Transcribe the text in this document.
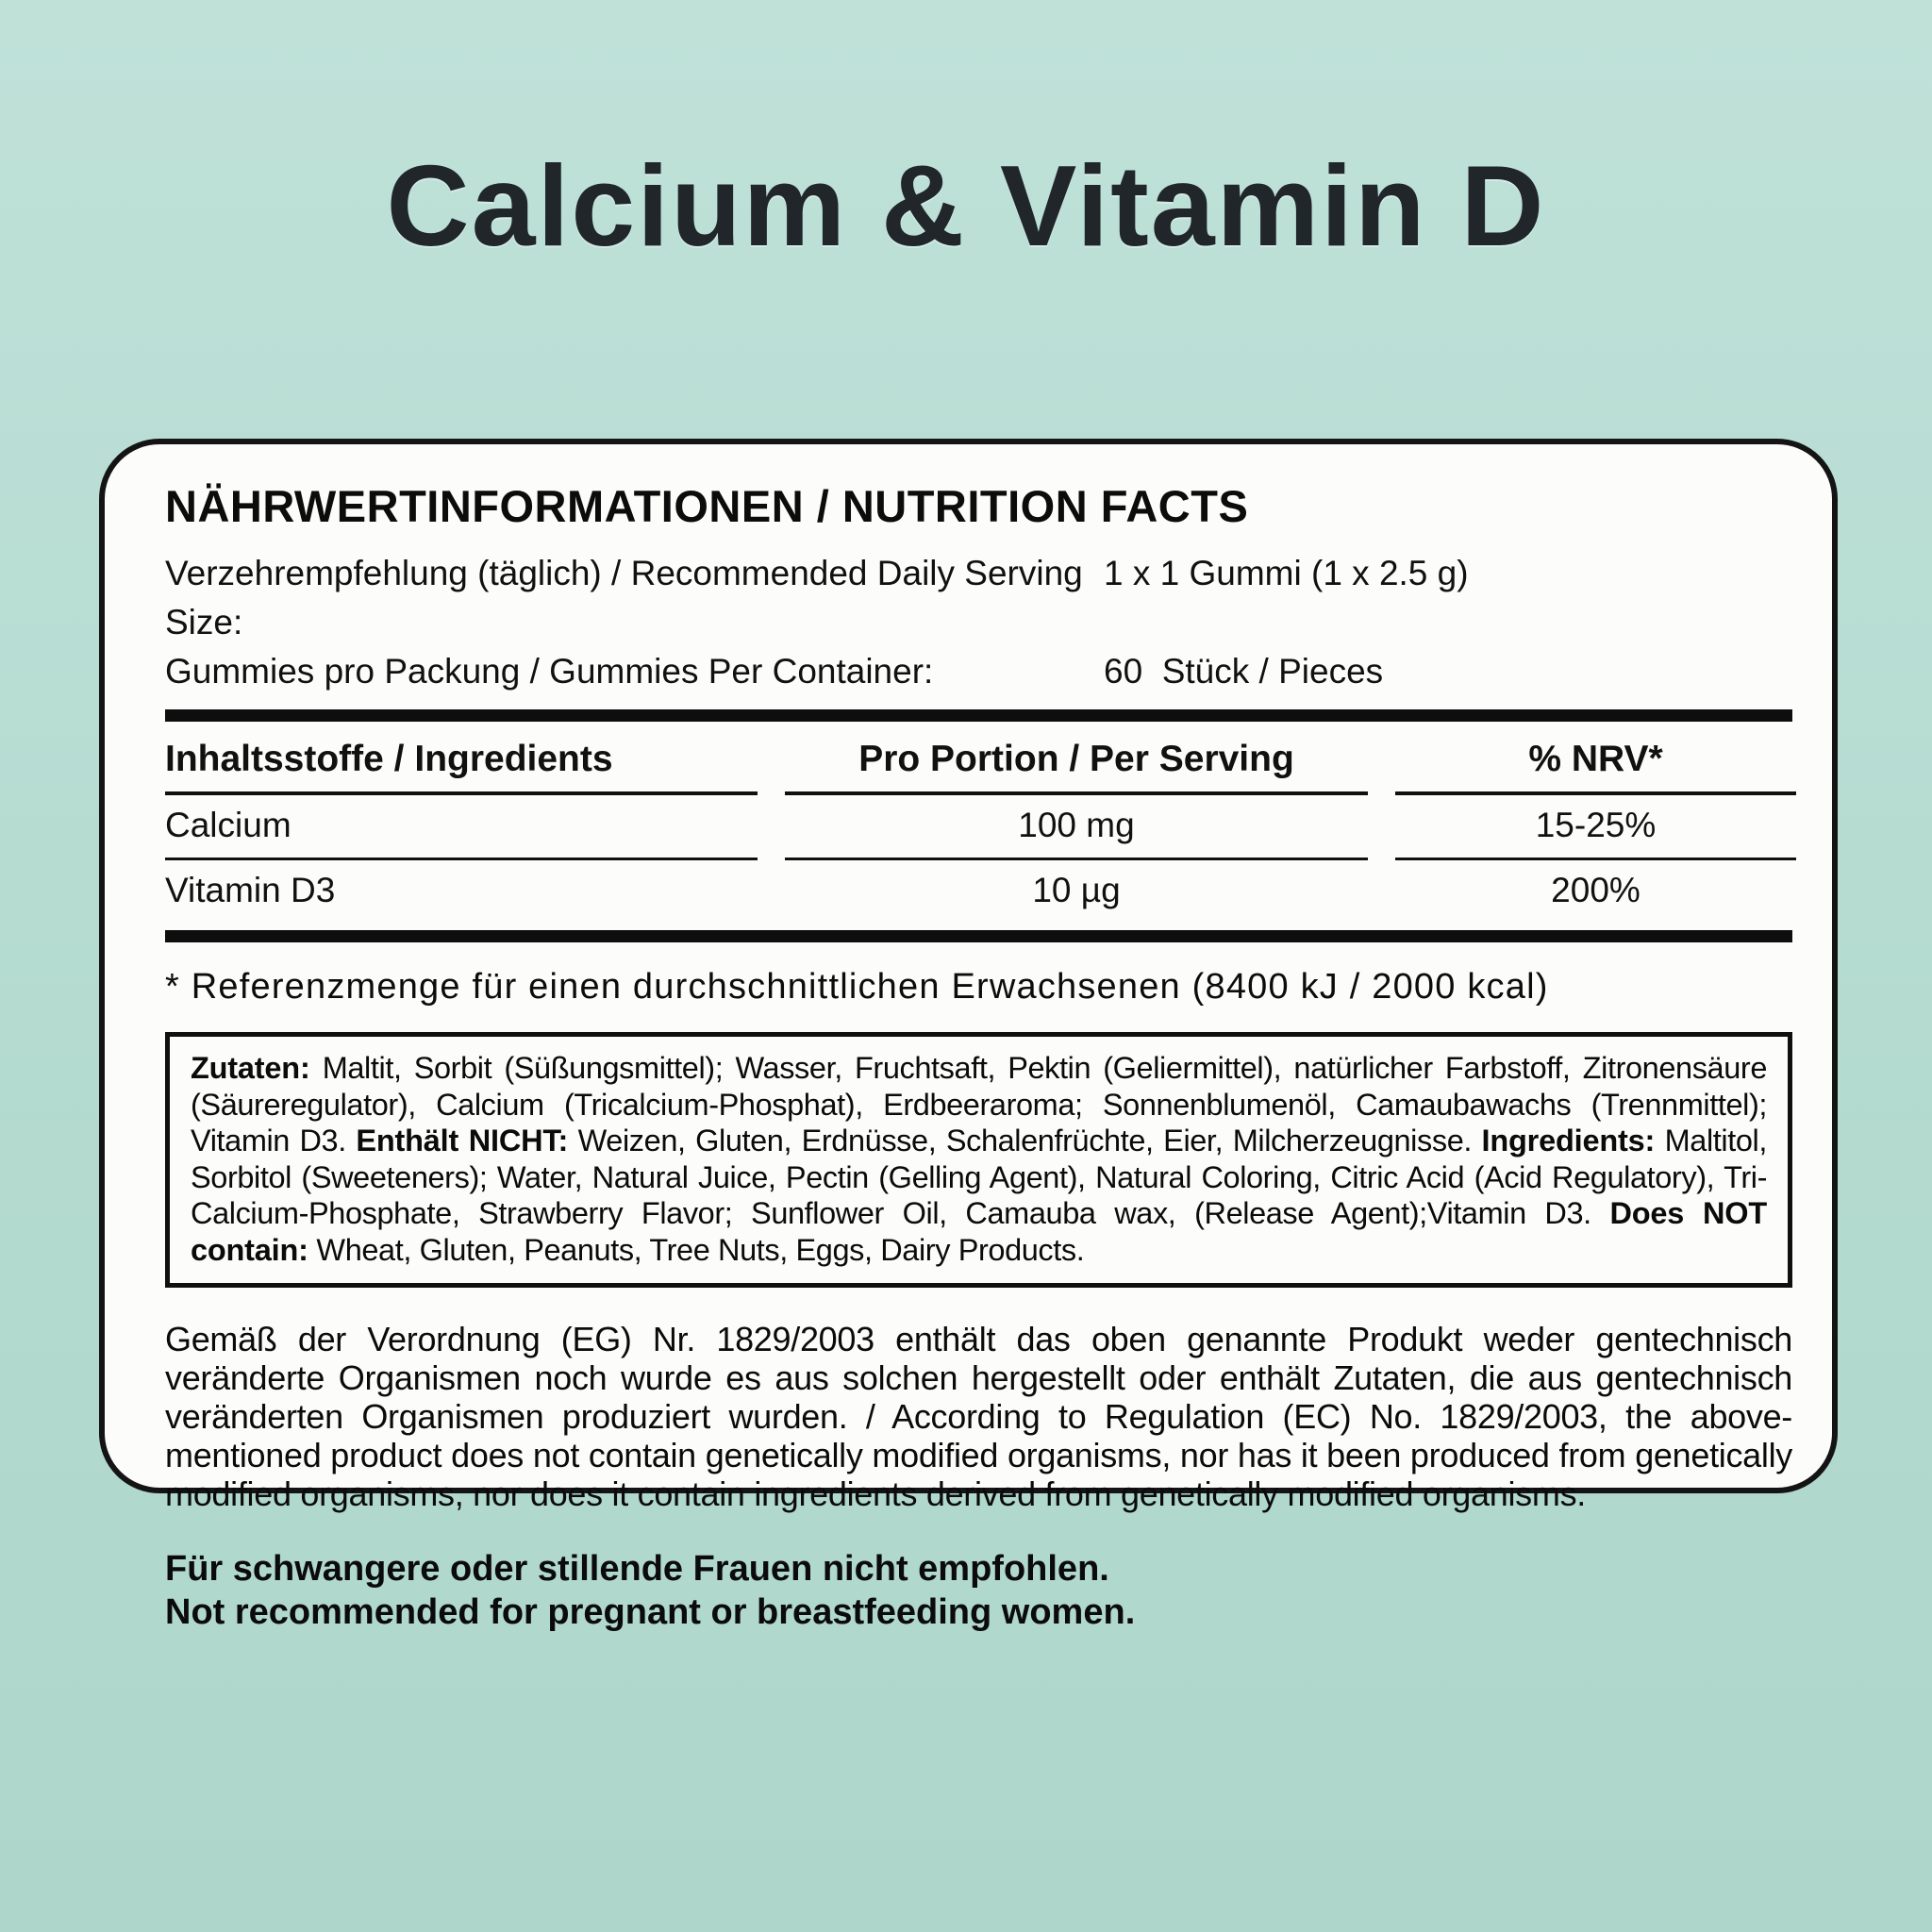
Calcium & Vitamin D
NÄHRWERTINFORMATIONEN / NUTRITION FACTS
Verzehrempfehlung (täglich) / Recommended Daily Serving Size:
1 x 1 Gummi (1 x 2.5 g)
Gummies pro Packung / Gummies Per Container:	60  Stück / Pieces
Inhaltsstoffe / Ingredients	Pro Portion / Per Serving	% NRV*
Calcium	100 mg	15-25%
Vitamin D3	10 µg	200%

* Referenzmenge für einen durchschnittlichen Erwachsenen (8400 kJ / 2000 kcal)

Zutaten: Maltit, Sorbit (Süßungsmittel); Wasser, Fruchtsaft, Pektin (Geliermittel), natürlicher Farbstoff, Zitronensäure (Säureregulator), Calcium (Tricalcium-Phosphat), Erdbeeraroma; Sonnenblumenöl, Camaubawachs (Trennmittel); Vitamin D3. Enthält NICHT: Weizen, Gluten, Erdnüsse, Schalenfrüchte, Eier, Milcherzeugnisse. Ingredients: Maltitol, Sorbitol (Sweeteners); Water, Natural Juice, Pectin (Gelling Agent), Natural Coloring, Citric Acid (Acid Regulatory), Tri-Calcium-Phosphate, Strawberry Flavor; Sunflower Oil, Camauba wax, (Release Agent);Vitamin D3. Does NOT contain: Wheat, Gluten, Peanuts, Tree Nuts, Eggs, Dairy Products.

Gemäß der Verordnung (EG) Nr. 1829/2003 enthält das oben genannte Produkt weder gentechnisch veränderte Organismen noch wurde es aus solchen hergestellt oder enthält Zutaten, die aus gentechnisch veränderten Organismen produziert wurden. / According to Regulation (EC) No. 1829/2003, the above-mentioned product does not contain genetically modified organisms, nor has it been produced from genetically modified organisms, nor does it contain ingredients derived from genetically modified organisms.

Für schwangere oder stillende Frauen nicht empfohlen.
Not recommended for pregnant or breastfeeding women.
